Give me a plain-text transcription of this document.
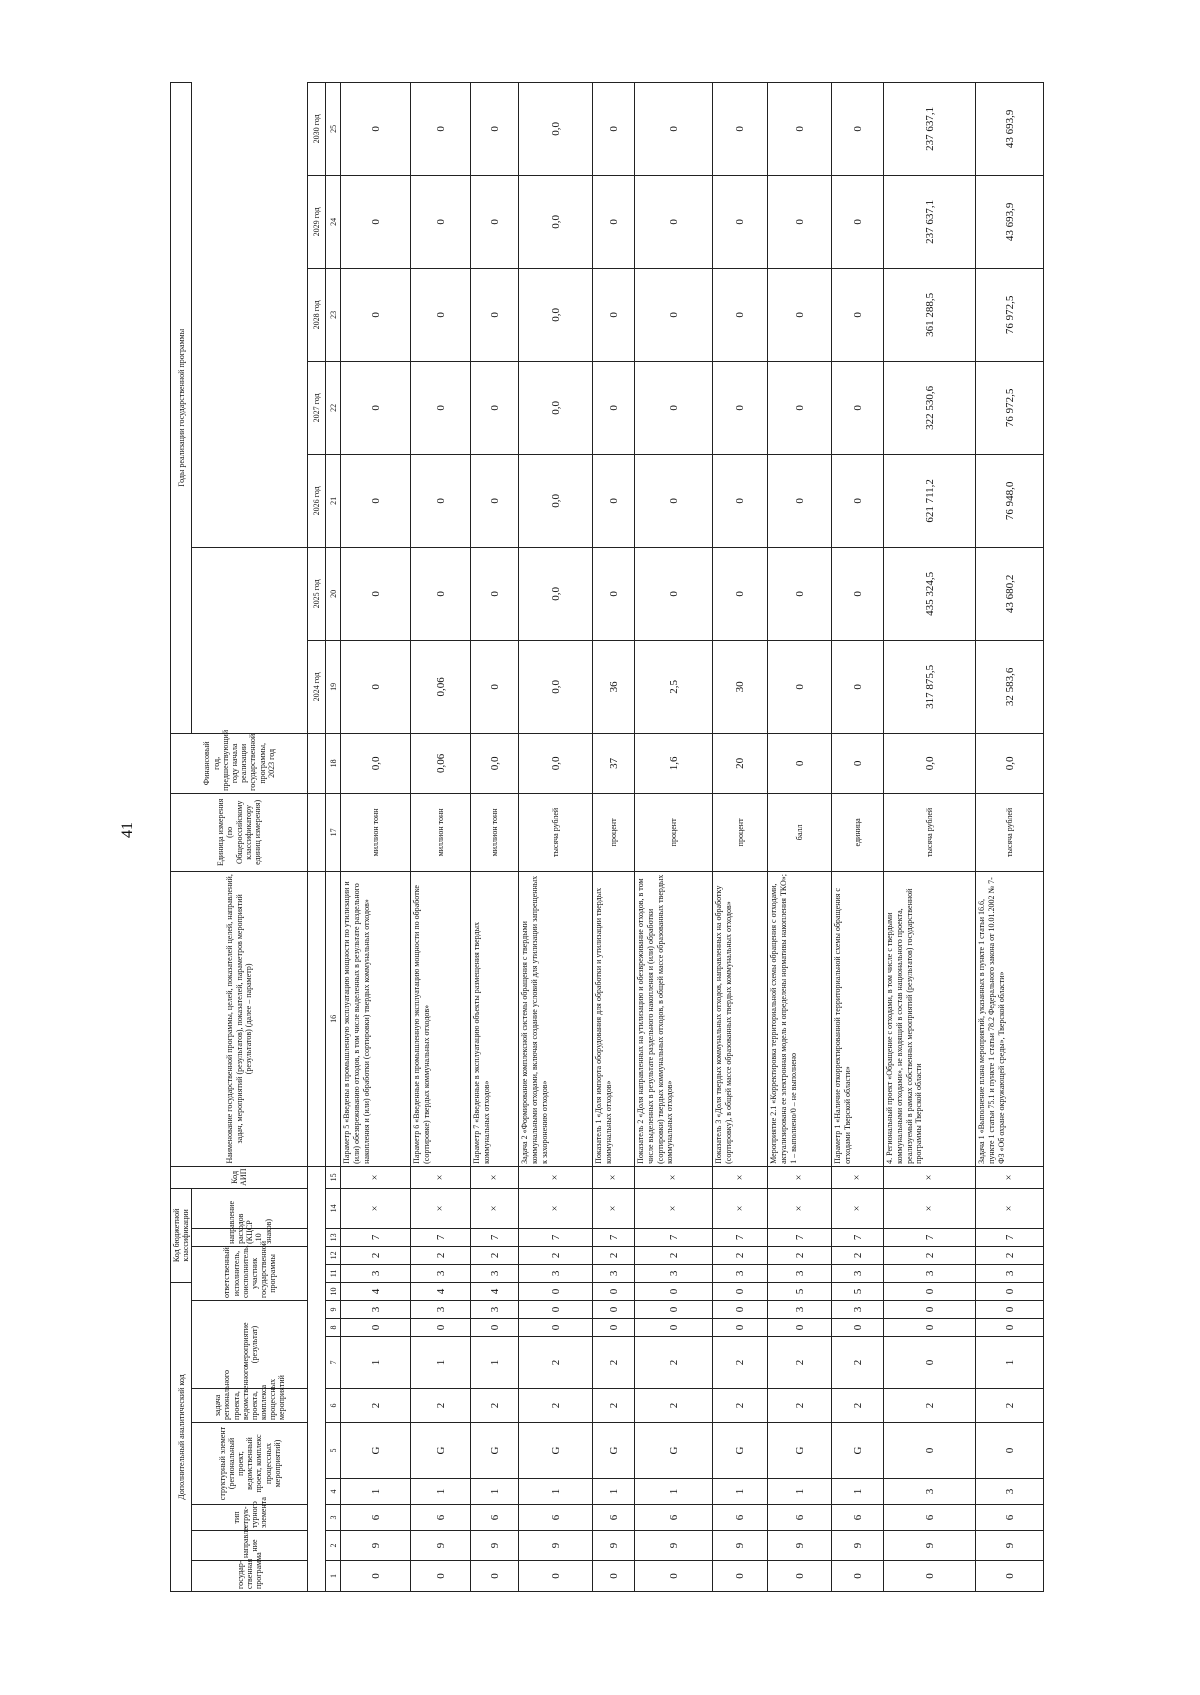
41
Дополнительный аналитический код										Код бюджетной классификации				Код АИП	Наименование государственной программы, целей, показателей целей, направлений, задач, мероприятий (результатов), показателей, параметров мероприятий (результатов) (далее – параметр)	Единица измерения (по Общероссийскому классификатору единиц измерения)	Финансовый год, предшествующий году начала реализации государственной программы, 2023 год	Годы реализации государственной программы						
государ-ственная программа	направле-ние	тип струк-турного элемента	структурный элемент (региональный проект, ведомственный проект, комплекс процессных мероприятий)		задача регионального проекта, ведомственного проекта, комплекса процессных мероприятий	мероприятие (результат)			ответственный исполнитель, соисполнитель, участник государственной программы			направление расходов (КЦСР 10 знаков)												

																		2024 год	2025 год	2026 год	2027 год	2028 год	2029 год	2030 год
1	2	3	4	5	6	7	8	9	10	11	12	13	14	15	16	17	18	19	20	21	22	23	24	25
0	9	6	1	G	2	1	0	3	4	3	2	7	×	×	Параметр 5 «Введены в промышленную эксплуатацию мощности по утилизации и (или) обезвреживанию отходов, в том числе выделенных в результате раздельного накопления и (или) обработки (сортировки) твердых коммунальных отходов»	миллион тонн	0,0	0	0	0	0	0	0	0
0	9	6	1	G	2	1	0	3	4	3	2	7	×	×	Параметр 6 «Введенные в промышленную эксплуатацию мощности по обработке (сортировке) твердых коммунальных отходов»	миллион тонн	0,06	0,06	0	0	0	0	0	0
0	9	6	1	G	2	1	0	3	4	3	2	7	×	×	Параметр 7 «Введенные в эксплуатацию объекты размещения твердых коммунальных отходов»	миллион тонн	0,0	0	0	0	0	0	0	0
0	9	6	1	G	2	2	0	0	0	3	2	7	×	×	Задача 2 «Формирование комплексной системы обращения с твердыми коммунальными отходами, включая создание условий для утилизации запрещенных к захоронению отходов»	тысяча рублей	0,0	0,0	0,0	0,0	0,0	0,0	0,0	0,0
0	9	6	1	G	2	2	0	0	0	3	2	7	×	×	Показатель 1 «Доля импорта оборудования для обработки и утилизации твердых коммунальных отходов»	процент	37	36	0	0	0	0	0	0
0	9	6	1	G	2	2	0	0	0	3	2	7	×	×	Показатель 2 «Доля направленных на утилизацию и обезвреживание отходов, в том числе выделенных в результате раздельного накопления и (или) обработки (сортировки) твердых коммунальных отходов, в общей массе образованных твердых коммунальных отходов»	процент	1,6	2,5	0	0	0	0	0	0
0	9	6	1	G	2	2	0	0	0	3	2	7	×	×	Показатель 3 «Доля твердых коммунальных отходов, направленных на обработку (сортировку), в общей массе образованных твердых коммунальных отходов»	процент	20	30	0	0	0	0	0	0
0	9	6	1	G	2	2	0	3	5	3	2	7	×	×	Мероприятие 2.1 «Корректировка территориальной схемы обращения с отходами, актуализирована ее электронная модель и определены нормативы накопления ТКО»; 1 – выполнено/0 – не выполнено	балл	0	0	0	0	0	0	0	0
0	9	6	1	G	2	2	0	3	5	3	2	7	×	×	Параметр 1 «Наличие откорректированной территориальной схемы обращения с отходами Тверской области»	единица	0	0	0	0	0	0	0	0
0	9	6	3	0	2	0	0	0	0	3	2	7	×	×	4. Региональный проект «Обращение с отходами, в том числе с твердыми коммунальными отходами», не входящий в состав национального проекта, реализуемый в рамках собственных мероприятий (результатов) государственной программы Тверской области	тысяча рублей	0,0	317 875,5	435 324,5	621 711,2	322 530,6	361 288,5	237 637,1	237 637,1
0	9	6	3	0	2	1	0	0	0	3	2	7	×	×	Задача 1 «Выполнение плана мероприятий, указанных в пункте 1 статьи 16.6, пункте 1 статьи 75.1 и пункте 1 статьи 78.2 Федерального закона от 10.01.2002 № 7-ФЗ «Об охране окружающей среды», Тверской области»	тысяча рублей	0,0	32 583,6	43 680,2	76 948,0	76 972,5	76 972,5	43 693,9	43 693,9
